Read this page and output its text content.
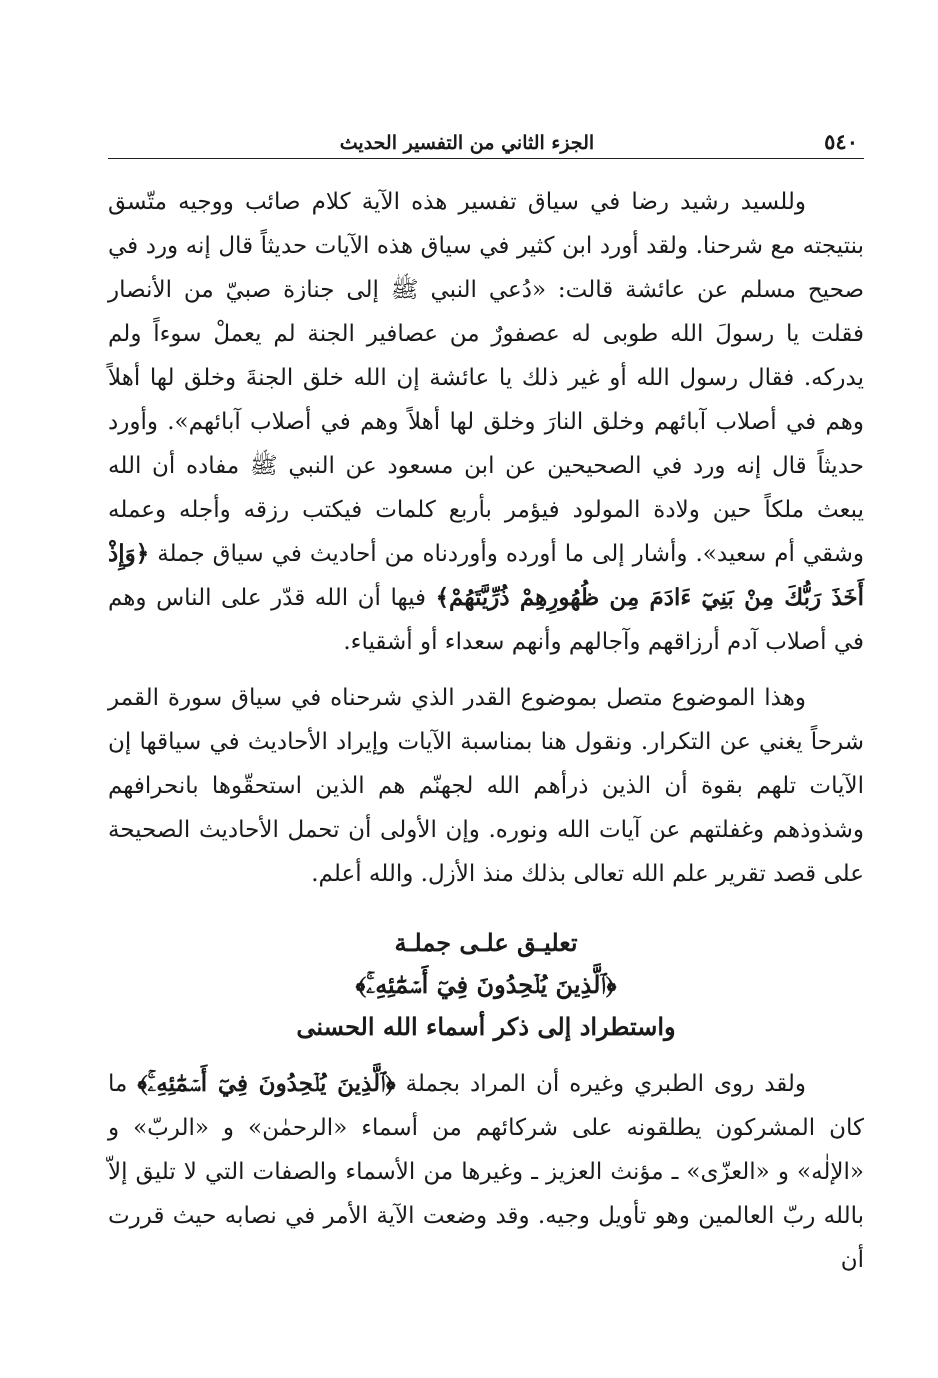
الجزء الثاني من التفسير الحديث	٥٤٠

وللسيد رشيد رضا في سياق تفسير هذه الآية كلام صائب ووجيه متّسق بنتيجته مع شرحنا. ولقد أورد ابن كثير في سياق هذه الآيات حديثاً قال إنه ورد في صحيح مسلم عن عائشة قالت: «دُعي النبي ﷺ إلى جنازة صبيّ من الأنصار فقلت يا رسولَ الله طوبى له عصفورٌ من عصافير الجنة لم يعملْ سوءاً ولم يدركه. فقال رسول الله أو غير ذلك يا عائشة إن الله خلق الجنةَ وخلق لها أهلاً وهم في أصلاب آبائهم وخلق النارَ وخلق لها أهلاً وهم في أصلاب آبائهم». وأورد حديثاً قال إنه ورد في الصحيحين عن ابن مسعود عن النبي ﷺ مفاده أن الله يبعث ملكاً حين ولادة المولود فيؤمر بأربع كلمات فيكتب رزقه وأجله وعمله وشقي أم سعيد». وأشار إلى ما أورده وأوردناه من أحاديث في سياق جملة ﴿وَإِذْ أَخَذَ رَبُّكَ مِنْ بَنِيٓ ءَادَمَ مِن ظُهُورِهِمْ ذُرِّيَّتَهُمْ﴾ فيها أن الله قدّر على الناس وهم في أصلاب آدم أرزاقهم وآجالهم وأنهم سعداء أو أشقياء.

وهذا الموضوع متصل بموضوع القدر الذي شرحناه في سياق سورة القمر شرحاً يغني عن التكرار. ونقول هنا بمناسبة الآيات وإيراد الأحاديث في سياقها إن الآيات تلهم بقوة أن الذين ذرأهم الله لجهنّم هم الذين استحقّوها بانحرافهم وشذوذهم وغفلتهم عن آيات الله ونوره. وإن الأولى أن تحمل الأحاديث الصحيحة على قصد تقرير علم الله تعالى بذلك منذ الأزل. والله أعلم.

تعليـق علـى جملـة
﴿ٱلَّذِينَ يُلۡحِدُونَ فِيٓ أَسۡمَٰٓئِهِۦۚ﴾
واستطراد إلى ذكر أسماء الله الحسنى

ولقد روى الطبري وغيره أن المراد بجملة ﴿ٱلَّذِينَ يُلۡحِدُونَ فِيٓ أَسۡمَٰٓئِهِۦۚ﴾ ما كان المشركون يطلقونه على شركائهم من أسماء «الرحمٰن» و «الربّ» و «الإلٰه» و «العزّى» ـ مؤنث العزيز ـ وغيرها من الأسماء والصفات التي لا تليق إلاّ بالله ربّ العالمين وهو تأويل وجيه. وقد وضعت الآية الأمر في نصابه حيث قررت أن
